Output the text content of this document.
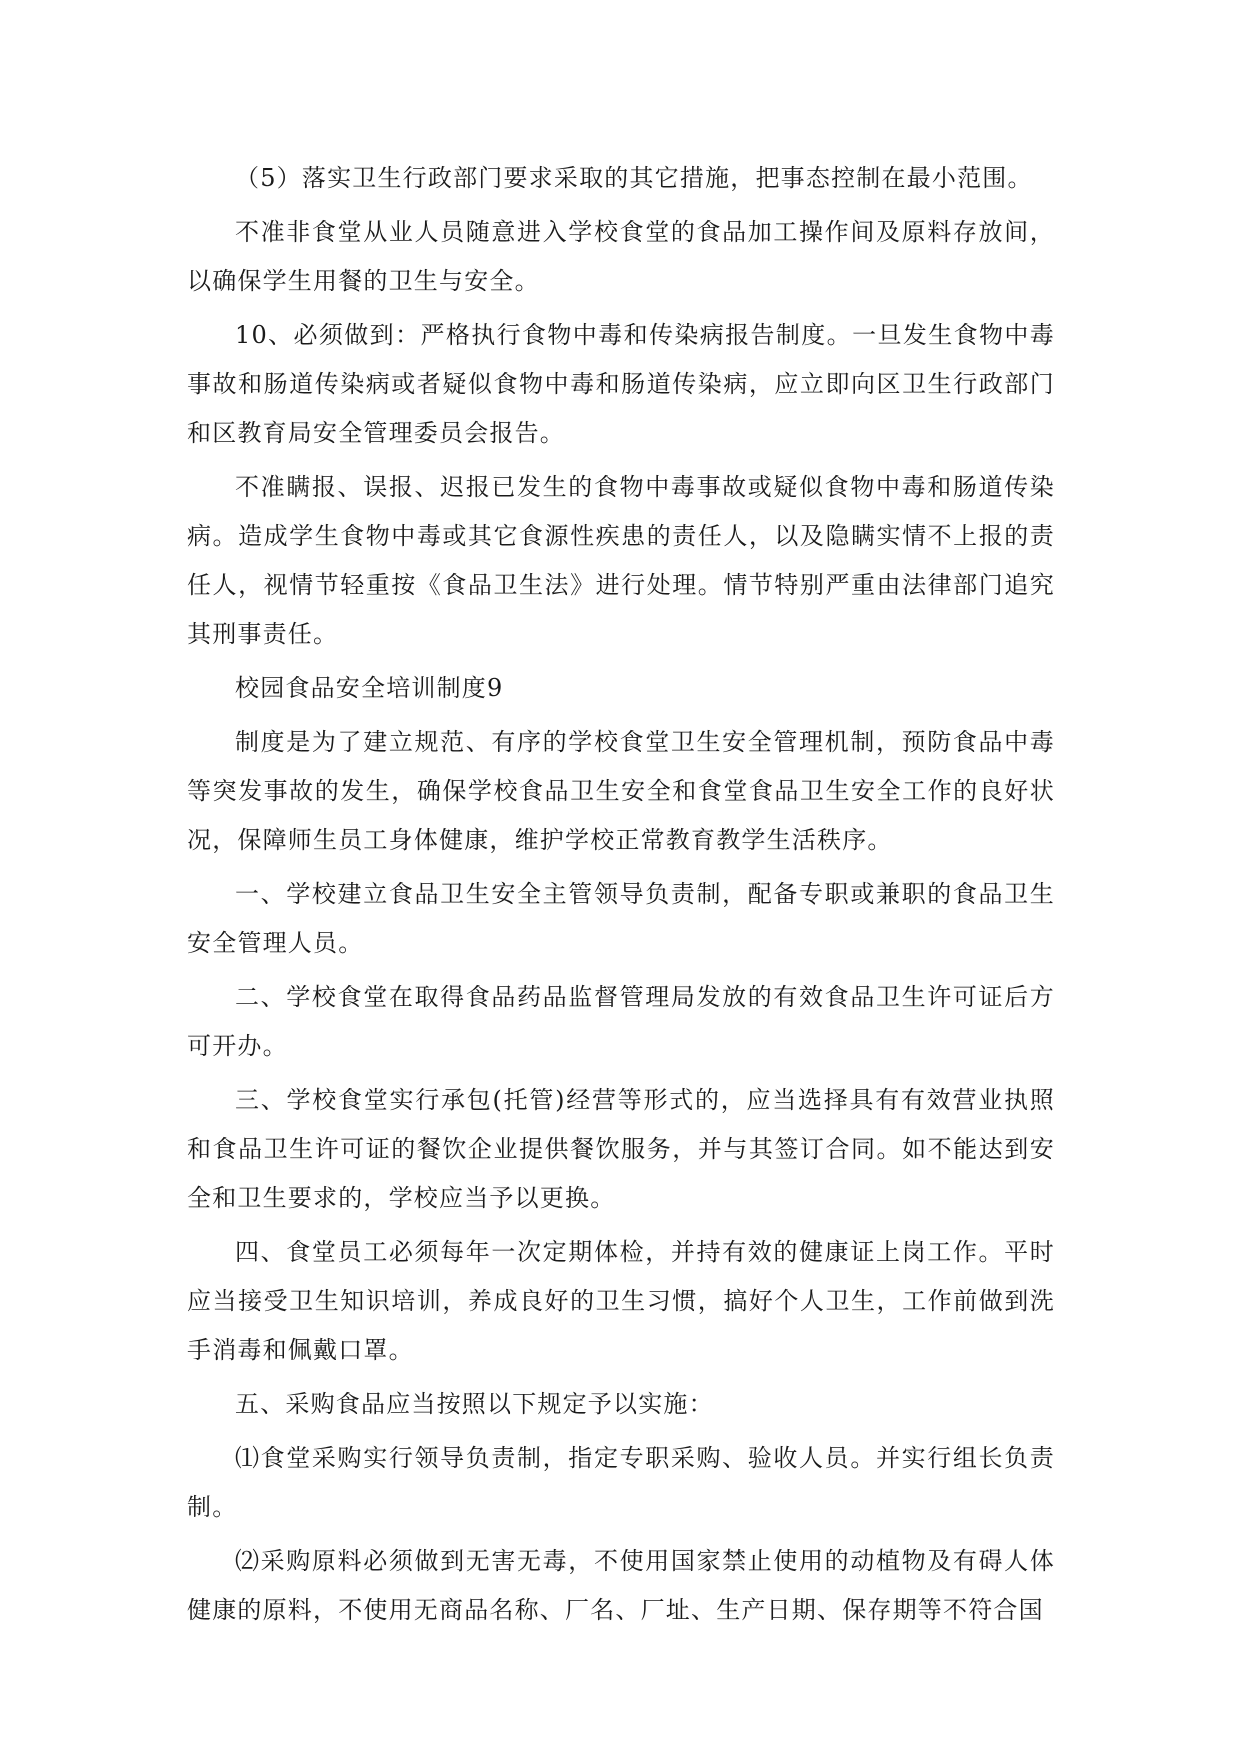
（5）落实卫生行政部门要求采取的其它措施，把事态控制在最小范围。

不准非食堂从业人员随意进入学校食堂的食品加工操作间及原料存放间，以确保学生用餐的卫生与安全。

10、必须做到：严格执行食物中毒和传染病报告制度。一旦发生食物中毒事故和肠道传染病或者疑似食物中毒和肠道传染病，应立即向区卫生行政部门和区教育局安全管理委员会报告。

不准瞒报、误报、迟报已发生的食物中毒事故或疑似食物中毒和肠道传染病。造成学生食物中毒或其它食源性疾患的责任人，以及隐瞒实情不上报的责任人，视情节轻重按《食品卫生法》进行处理。情节特别严重由法律部门追究其刑事责任。

校园食品安全培训制度9

制度是为了建立规范、有序的学校食堂卫生安全管理机制，预防食品中毒等突发事故的发生，确保学校食品卫生安全和食堂食品卫生安全工作的良好状况，保障师生员工身体健康，维护学校正常教育教学生活秩序。

一、学校建立食品卫生安全主管领导负责制，配备专职或兼职的食品卫生安全管理人员。

二、学校食堂在取得食品药品监督管理局发放的有效食品卫生许可证后方可开办。

三、学校食堂实行承包(托管)经营等形式的，应当选择具有有效营业执照和食品卫生许可证的餐饮企业提供餐饮服务，并与其签订合同。如不能达到安全和卫生要求的，学校应当予以更换。

四、食堂员工必须每年一次定期体检，并持有效的健康证上岗工作。平时应当接受卫生知识培训，养成良好的卫生习惯，搞好个人卫生，工作前做到洗手消毒和佩戴口罩。

五、采购食品应当按照以下规定予以实施：

⑴食堂采购实行领导负责制，指定专职采购、验收人员。并实行组长负责制。

⑵采购原料必须做到无害无毒，不使用国家禁止使用的动植物及有碍人体健康的原料，不使用无商品名称、厂名、厂址、生产日期、保存期等不符合国
